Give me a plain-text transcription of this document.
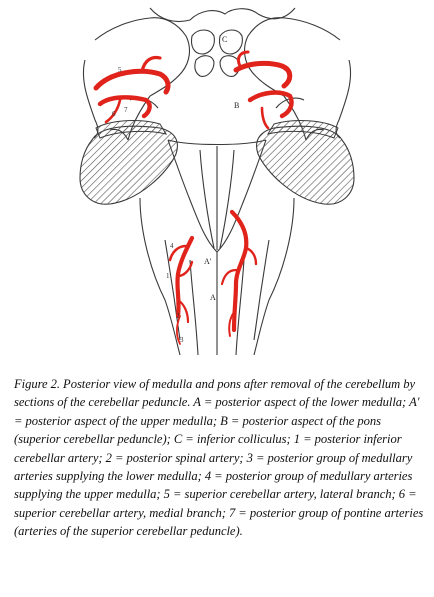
C
B
5
7
6
4
1
2
3
A'
A

Figure 2. Posterior view of medulla and pons after removal of the cerebellum by sections of the cerebellar peduncle. A = posterior aspect of the lower medulla; A′ = posterior aspect of the upper medulla; B = posterior aspect of the pons (superior cerebellar peduncle); C = inferior colliculus; 1 = posterior inferior cerebellar artery; 2 = posterior spinal artery; 3 = posterior group of medullary arteries supplying the lower medulla; 4 = posterior group of medullary arteries supplying the upper medulla; 5 = superior cerebellar artery, lateral branch; 6 = superior cerebellar artery, medial branch; 7 = posterior group of pontine arteries (arteries of the superior cerebellar peduncle).
